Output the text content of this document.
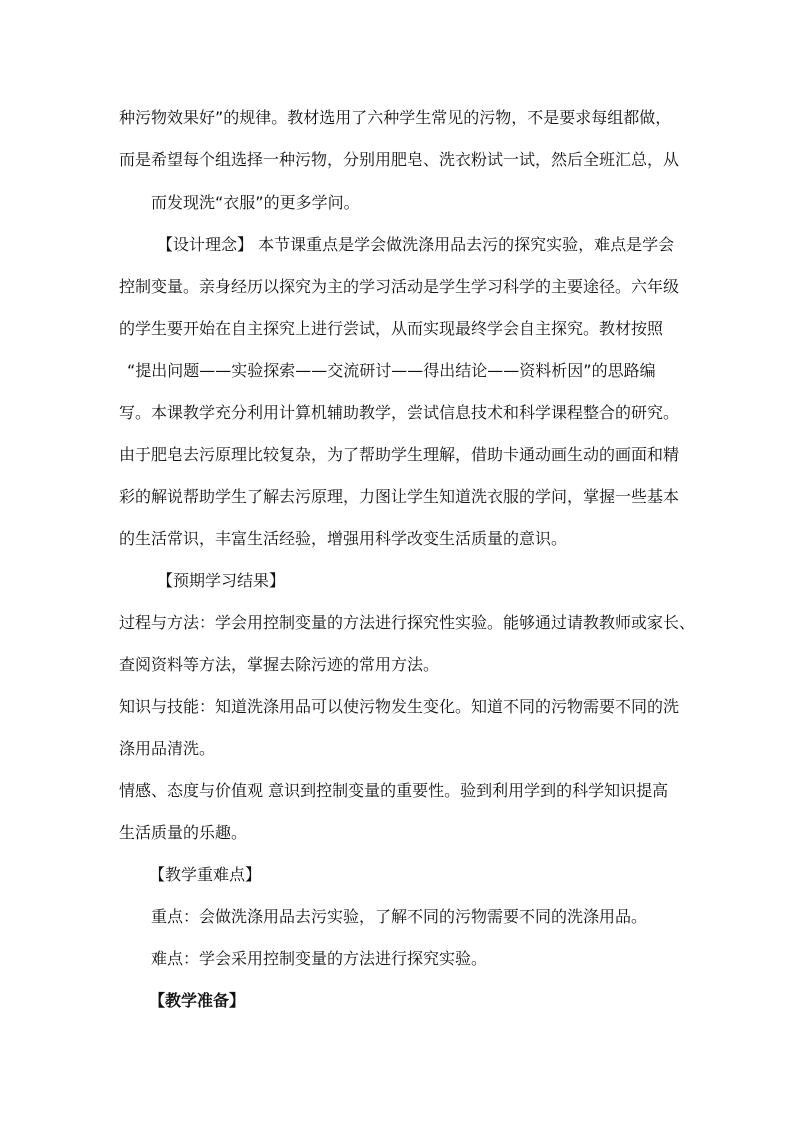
种污物效果好”的规律。教材选用了六种学生常见的污物，不是要求每组都做，
而是希望每个组选择一种污物，分别用肥皂、洗衣粉试一试，然后全班汇总，从
而发现洗“衣服”的更多学问。
【设计理念】 本节课重点是学会做洗涤用品去污的探究实验，难点是学会
控制变量。亲身经历以探究为主的学习活动是学生学习科学的主要途径。六年级
的学生要开始在自主探究上进行尝试，从而实现最终学会自主探究。教材按照
“提出问题——实验探索——交流研讨——得出结论——资料析因”的思路编
写。本课教学充分利用计算机辅助教学，尝试信息技术和科学课程整合的研究。
由于肥皂去污原理比较复杂，为了帮助学生理解，借助卡通动画生动的画面和精
彩的解说帮助学生了解去污原理，力图让学生知道洗衣服的学问，掌握一些基本
的生活常识，丰富生活经验，增强用科学改变生活质量的意识。
【预期学习结果】
过程与方法：学会用控制变量的方法进行探究性实验。能够通过请教教师或家长、
查阅资料等方法，掌握去除污迹的常用方法。
知识与技能：知道洗涤用品可以使污物发生变化。知道不同的污物需要不同的洗
涤用品清洗。
情感、态度与价值观 意识到控制变量的重要性。验到利用学到的科学知识提高
生活质量的乐趣。
【教学重难点】
重点：会做洗涤用品去污实验，了解不同的污物需要不同的洗涤用品。
难点：学会采用控制变量的方法进行探究实验。
【教学准备】
